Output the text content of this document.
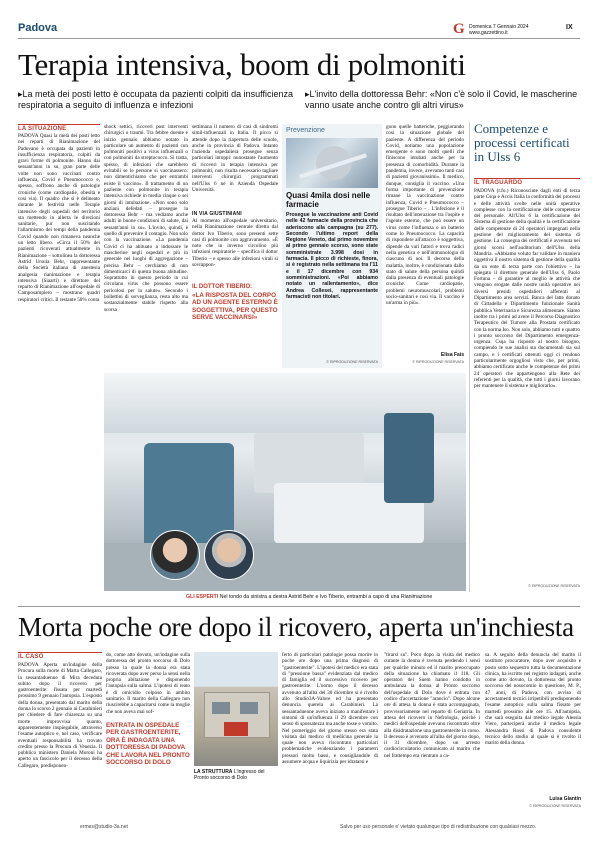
Padova	G Domenica 7 Gennaio 2024
www.gazzettino.it
IX
Terapia intensiva, boom di polmoniti
▸La metà dei posti letto è occupata da pazienti colpiti da insufficienza respiratoria a seguito di influenza e infezioni
▸L'invito della dottoressa Behr: «Non c'è solo il Covid, le mascherine vanno usate anche contro gli altri virus»
LA SITUAZIONE
PADOVA Quasi la metà dei posti letto nei reparti di Rianimazione del Padovano è occupata da pazienti in insufficienza respiratoria, colpiti da gravi forme di polmonite. Hanno dai sessant'anni in su, gran parte delle volte non sono vaccinati contro influenza, Covid e Pneumococco e, spesso, soffrono anche di patologie croniche (come cardiopatie, obesità e così via). Il quadro che si è delineato durante le festività nelle Terapie intensive degli ospedali del territorio sta mettendo in allerta le direzioni sanitarie, pur non suscitando l'allarmismo dei tempi della pandemia Covid quando non rimaneva neanche un letto libero. «Circa il 50% dei pazienti ricoverati attualmente in Rianimazione – sottolinea la dottoressa Astrid Ursula Behr, rappresentante della Società italiana di anestesia analgesia rianimazione e terapia intensiva (Siaarti) e direttore del reparto di Rianimazione all'ospedale di Camposampiero – mostrano quadri respiratori critici. Il restante 50% conta
shock settici, ricoveri post interventi chirurgici o traumi. Tra febbre doente e inizio gennaio abbiamo notato in particolare un aumento di pazienti con polmoniti positivi a virus influenzali o con polmoniti da streptococco. Si tratta, spesso, di infezioni che sarebbero evitabili se le persone si vaccinassero: non dimentichiamo che per entrambi esiste il vaccino». Il trattamento di un paziente con polmonite in terapia intensiva richiede in media cinque o sei giorni di intubazione. «Non sono solo anziani defedati – prosegue la dottoressa Behr – ma vediamo anche adulti in buone condizioni di salute, dai sessant'anni in su». L'invito, quindi, è quello di prevenire il contagio. Non solo con la vaccinazione. «La pandemia Covid ci ha abituato a indossare le mascherine negli ospedali e più in generale nei luoghi di aggregazione – precisa Behr – cerchiamo di non dimenticarci di questa buona abitudine. Soprattutto in questo periodo in cui circolano virus che possono essere pericolosi per la salute». Secondo i bollettini di sorveglianza, resta alto ma sostanzialmente stabile rispetto alla scorsa
settimana il numero di casi di sindromi simil-influenzali in Italia. Il picco si attende dopo la riapertura delle scuole, anche in provincia di Padova. Intanto l'azienda ospedaliera prosegue senza particolari intoppi: nonostante l'aumento di ricoveri in terapia intensiva per polmoniti, non risulta necessario tagliare interventi chirurgici programmati nell'Ulss 6 né in Azienda Ospedale Università.
IN VIA GIUSTINIANI
Al momento all'ospedale universitario, nella Rianimazione centrale diretta dal dottor Ivo Tiberio, sono presenti sette casi di polmonite con aggravamento. «È noto che in inverno circolino più infezioni respiratorie – specifica il dottor Tiberio – e spesso alle infezioni virali si sovrappon-
IL DOTTOR TIBERIO:
«LA RISPOSTA DEL CORPO AD UN AGENTE ESTERNO È SOGGETTIVA, PER QUESTO SERVE VACCINARSI»
Prevenzione
Quasi 4mila dosi nelle farmacie
Prosegue la vaccinazione anti Covid nelle 42 farmacie della provincia che aderiscono alla campagna (su 277). Secondo l'ultimo report della Regione Veneto, dal primo novembre al primo gennaio scorso, sono state somministrate 3.998 dosi in farmacia. Il picco di richieste, finora, si è registrato nella settimana tra l'11 e il 17 dicembre con 934 somministrazioni. «Poi abbiamo notato un rallentamento», dice Andrea Collesei, rappresentante farmacisti non titolari.
© RIPRODUZIONE RISERVATA
gono quelle batteriche, peggiorando così la situazione globale del paziente. A differenza del periodo Covid, notiamo una popolazione emergente e sono molti quelli che finiscono intubati anche per la presenza di comorbidità. Durante la pandemia, invece, avevamo tanti casi di pazienti giovanissimi». Il medico, dunque, consiglia il vaccino. «Una forma importante di prevenzione rimane la vaccinazione contro influenza, Covid e Pneumococco – prosegue Tiberio – . L'infezione è il risultato dell'interazione tra l'ospite e l'agente esterno, che può essere un virus come l'influenza o un batterio come lo Pneumococco. La capacità di rispondere all'attacco è soggettiva, dipende da vari fattori e trova radici nella genetica e nell'immunologia di ciascuno di noi. Il decorso della malattia, inoltre, è condizionato dallo stato di salute della persona quindi dalla presenza di eventuali patologie croniche. Come cardiopatie, problemi neuromuscolari, problemi socio-sanitari e così via. Il vaccino è un'arma in più».
Elisa Fais
© RIPRODUZIONE RISERVATA
Competenze e processi certificati in Ulss 6
IL TRAGUARDO
PADOVA (r.fo.) Riconosciute dagli enti di terza parte Csqa e Accis Italia la conformità dei processi e delle attività svolte nelle unità operative complesse con la certificazione delle competenze del personale. All'Ulss 6 la certificazione del Sistema di gestione della qualità e la certificazione delle competenze di 24 operatori impegnati nella gestione del miglioramento del sistema di gestione. La consegna dei certificati è avvenuta nei giorni scorsi nell'auditorium dell'Ulss della Mandria. «Abbiamo voluto far validare in maniera oggettiva il nostro sistema di gestione della qualità da un ente di terza parte con l'obiettivo – ha spiegato il direttore generale dell'Ulss 6, Paolo Fortuna – di garantire al meglio le attività che vengono erogate dalle nostre unità operative nei diversi presidi ospedalieri afferenti al Dipartimento area servizi. Banca del latte donato di Cittadella e Dipartimento funzionale Sanità pubblica Veterinaria e Sicurezza alimentare. Siamo inoltre tra i primi ad avere il Percorso Diagnostico Terapeutico del Tumore alla Prostata certificato con la norma Iso. Non solo, abbiamo tutti e quattro i pronto soccorso del Dipartimento emergenza-urgenza. Csqa ha risposto al nostro bisogno, compiendo le sue analisi sta documentali sia sul campo, e i certificati ottenuti oggi ci rendono particolarmente orgogliosi visto che, per primi, abbiamo certificato anche le competenze dei primi 24 operatori che appartengono alla Rete dei referenti per la qualità, che tutti i giorni lavorano per mantenere il sistema e migliorarlo».
© RIPRODUZIONE RISERVATA
GLI ESPERTI Nel tondo da sinistra a destra Astrid Behr e Ivo Tiberio, entrambi a capo di una Rianimazione
Morta poche ore dopo il ricovero, aperta un'inchiesta
IL CASO
PADOVA Aperta un'indagine della Procura sulla morte di Marta Callegaro, la sessantaduenne di Mira deceduta subito dopo il ricovero per gastroenterite: fissata per martedì prossimo 9 gennaio l'autopsia. L'esposto della donna, presentato dal marito della donna lo scorso 2 gennaio ai Carabinieri per chiedere di fare chiarezza su una morte improvvisa quanto, apparentemente inspiegabile, attraverso l'esame autoptico e, nel caso, verificare eventuali responsabilità ha trovato credito presso la Procura di Venezia. Il pubblico ministero Daniela Moroni ha aperto un fascicolo per il decesso della Callegaro, predisponen-
do, come atto dovuto, un'indagine sulla dottoressa del pronto soccorso di Dolo presso la quale la donna era stata ricoverata dopo aver perso la sensi nella propria abitazione e disponendo l'autopsia sulla salma. L'ipotesi di reato è di omicidio colposo in ambito sanitario. Il marito della Callegaro non riuscirebbe a capacitarsi come la moglie che non aveva mai sof-
ENTRATA IN OSPEDALE PER GASTROENTERITE, ORA È INDAGATA UNA DOTTORESSA DI PADOVA CHE LAVORA NEL PRONTO SOCCORSO DI DOLO
LA STRUTTURA L'ingresso del Pronto soccorso di Dolo
ferto di particolari patologie possa morire in poche ore dopo una prima diagnosi di "gastroenterite". L'ipotesi del medico era stata di "pressione bassa" evidenziata dal medico di famiglia ed il successivo ricovero per gastroenterite. L'uomo dopo il decesso avvenuto all'alba del 30 dicembre si è rivolto allo Studio3A-Valore ed ha presentato denuncia querela ai Carabinieri. La sessantaduenne aveva iniziato a manifestare i sintomi di un'influenza il 29 dicembre con senso di spossatezza ma anche tosse e vomito. Nel pomeriggio del giorno stesso era stata visitata dal medico di medicina generale la quale non aveva riscontrato particolari problematiche evidenziando i parametri pressori molto bassi, e consigliandole di assumere acqua e liquirizia per idratarsi e
"tirarsi su". Poco dopo la visita del medico curante la donna è svenuta perdendo i sensi per qualche minuto ed il marito preoccupato della situazione ha chiamato il 118. Gli operatori del Suem hanno condotto in ambulanza la donna al Pronto soccorso dell'ospedale di Dolo dove è entrata con codice d'accettazione "arancio". Dopo alcune ore di attesa la donna è stata accompagnata, provvisoriamente nel reparto di Geriatria. In attesa del ricovero in Nefrologia, poiché i medici dell'ospedale avevano riscontrato oltre alla disidratazione una gastroenterite in corso. Il decesso è avvenuto all'alba del giorno dopo, il 31 dicembre, dopo un arresto cardiocircolatorio comunicato al marito che nel frattempo era rientrato a ca-
sa. A seguito della denuncia del marito il sostituto procuratore, dopo aver acquisito e posto sotto sequestro tutta la documentazione clinica, ha iscritto nel registro indagati, anche come atto dovuto, la dottoressa del pronto soccorso del nosocomio in questione, M. P., 47 anni, di Padova, con avviso di accertamenti tecnici irripetibili predisponendo l'esame autoptico sulla salma fissato per martedì prossimo alle ore 15. All'autopsia, che sarà eseguita dal medico legale Alessia Viero, parteciperà anche il medico legale Alessandra Rossi di Padova consulente tecnico dello studio al quale si è rivolto il marito della donna.
Luisa Giantin
© RIPRODUZIONE RISERVATA
ermes@studio-3a.net	Salvo per uso personale e' vietato qualunque tipo di redistribuzione con qualsiasi mezzo.
